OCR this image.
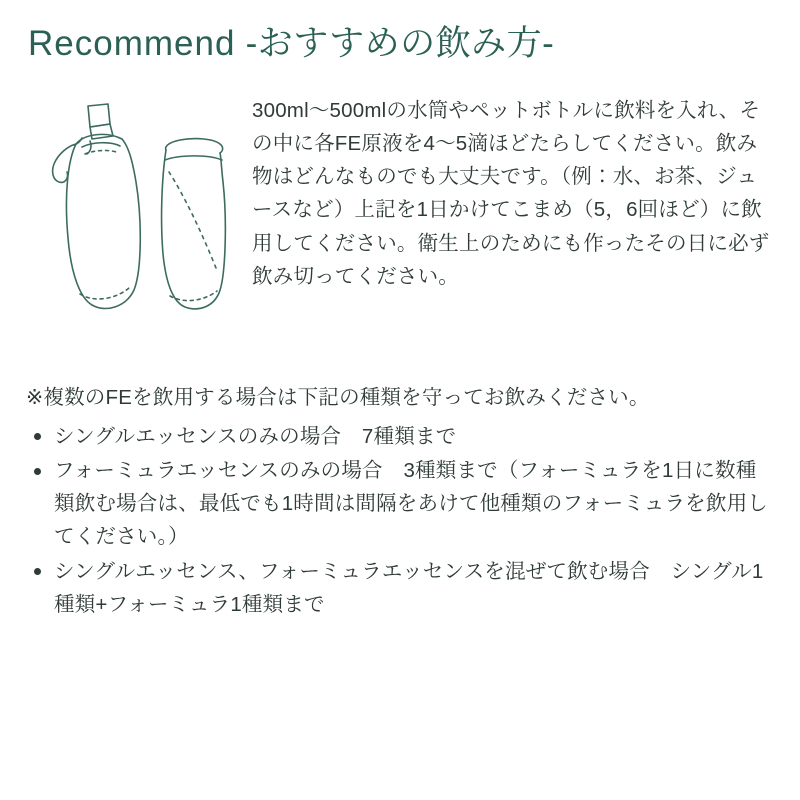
Recommend -おすすめの飲み方-

300ml〜500mlの水筒やペットボトルに飲料を入れ、その中に各FE原液を4〜5滴ほどたらしてください。飲み物はどんなものでも大丈夫です。（例：水、お茶、ジュースなど）上記を1日かけてこまめ（5，6回ほど）に飲用してください。衛生上のためにも作ったその日に必ず飲み切ってください。

※複数のFEを飲用する場合は下記の種類を守ってお飲みください。

シングルエッセンスのみの場合　7種類まで
フォーミュラエッセンスのみの場合　3種類まで（フォーミュラを1日に数種類飲む場合は、最低でも1時間は間隔をあけて他種類のフォーミュラを飲用してください。）
シングルエッセンス、フォーミュラエッセンスを混ぜて飲む場合　シングル1種類+フォーミュラ1種類まで
